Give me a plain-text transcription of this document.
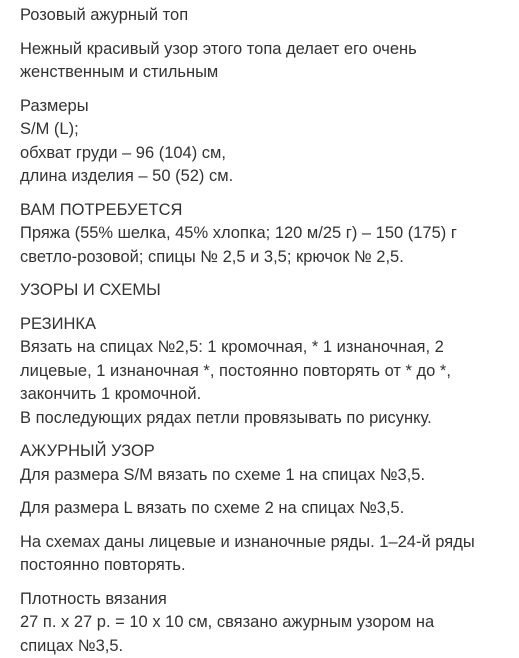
Розовый ажурный топ
Нежный красивый узор этого топа делает его очень
женственным и стильным
Размеры
S/M (L);
обхват груди – 96 (104) см,
длина изделия – 50 (52) см.
ВАМ ПОТРЕБУЕТСЯ
Пряжа (55% шелка, 45% хлопка; 120 м/25 г) – 150 (175) г
светло-розовой; спицы № 2,5 и 3,5; крючок № 2,5.
УЗОРЫ И СХЕМЫ
РЕЗИНКА
Вязать на спицах №2,5: 1 кромочная, * 1 изнаночная, 2
лицевые, 1 изнаночная *, постоянно повторять от * до *,
закончить 1 кромочной.
В последующих рядах петли провязывать по рисунку.
АЖУРНЫЙ УЗОР
Для размера S/M вязать по схеме 1 на спицах №3,5.
Для размера L вязать по схеме 2 на спицах №3,5.
На схемах даны лицевые и изнаночные ряды. 1–24-й ряды
постоянно повторять.
Плотность вязания
27 п. х 27 р. = 10 х 10 см, связано ажурным узором на
спицах №3,5.
